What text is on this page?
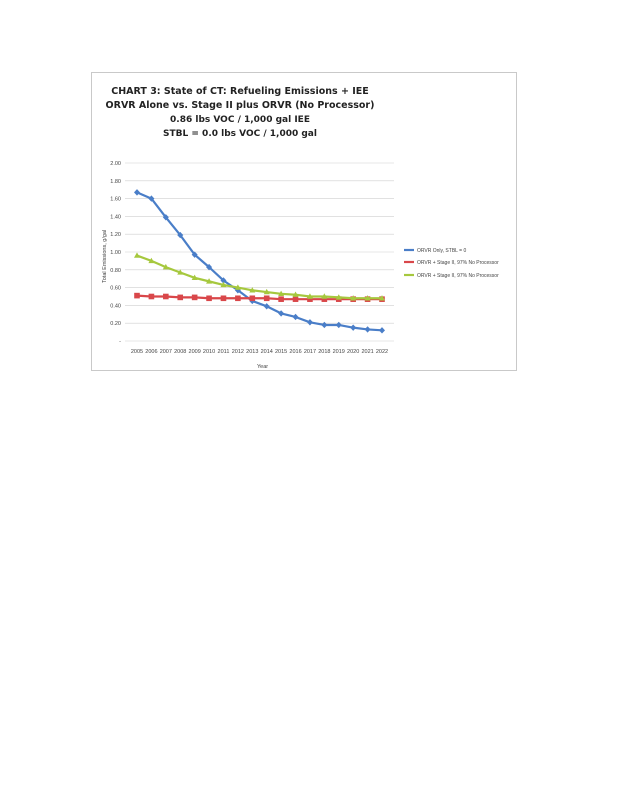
CHART 3: State of CT: Refueling Emissions + IEE
ORVR Alone vs. Stage II plus ORVR (No Processor)
0.86 lbs VOC / 1,000 gal IEE
STBL = 0.0 lbs VOC / 1,000 gal
2.00
1.80
1.60
1.40
1.20
1.00
0.80
0.60
0.40
0.20
-
2005 2006 2007 2008 2009 2010 2011 2012 2013 2014 2015 2016 2017 2018 2019 2020 2021 2022
Total Emissions, g/gal
Year
ORVR Only, STBL = 0
ORVR + Stage II, 97% No Processor
ORVR + Stage II, 97% No Processor
